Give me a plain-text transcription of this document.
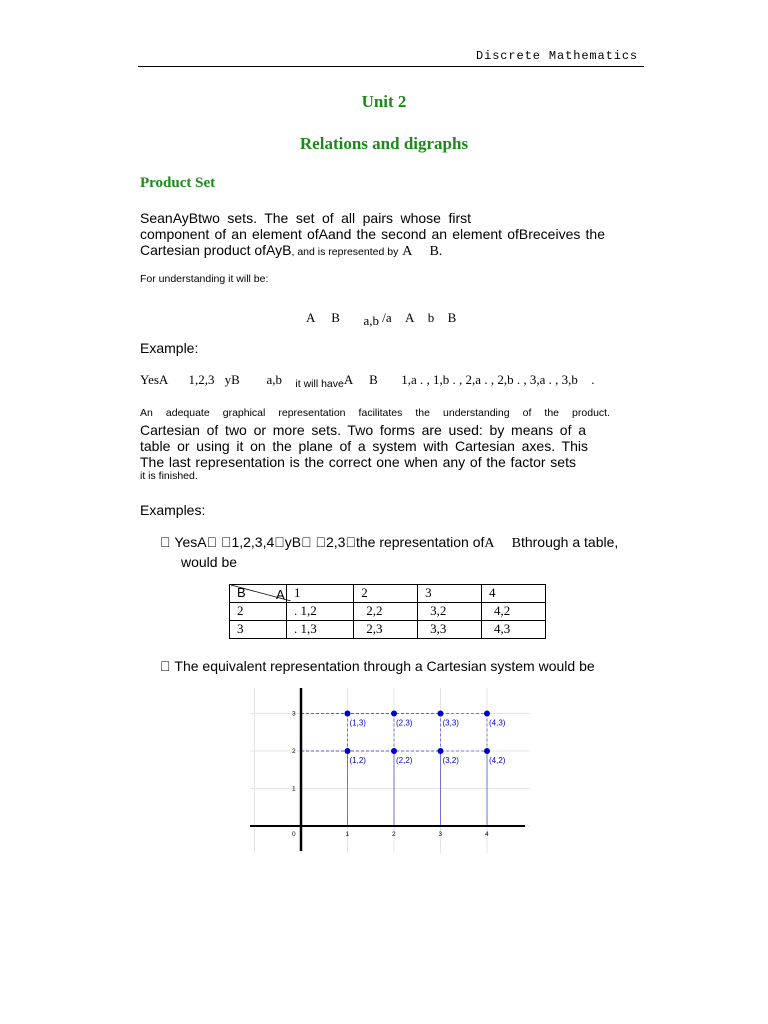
Discrete Mathematics
Unit 2
Relations and digraphs
Product Set
SeanAyBtwo sets. The set of all pairs whose first
component of an element ofAand the second an element ofBreceives the
Cartesian product ofAyB, and is represented by A B.
For understanding it will be:
A B a,b /a A b B
Example:
YesA 1,2,3 yB a,b $_{it will have}$A B 1,a . , 1,b . , 2,a . , 2,b . , 3,a . , 3,b .
An adequate graphical representation facilitates the understanding of the product.
Cartesian of two or more sets. Two forms are used: by means of a
table or using it on the plane of a system with Cartesian axes. This
The last representation is the correct one when any of the factor sets
it is finished.
Examples:
YesA 1,2,3,4 yB 2,3 the representation ofA Bthrough a table,
would be
B A	1	2	3	4
2	. 1,2	2,2	3,2	4,2
3	. 1,3	2,3	3,3	4,3
The equivalent representation through a Cartesian system would be
0	1	2	3	4
1
2
3
(1,3)	(2,3)	(3,3)	(4,3)
(1,2)	(2,2)	(3,2)	(4,2)
